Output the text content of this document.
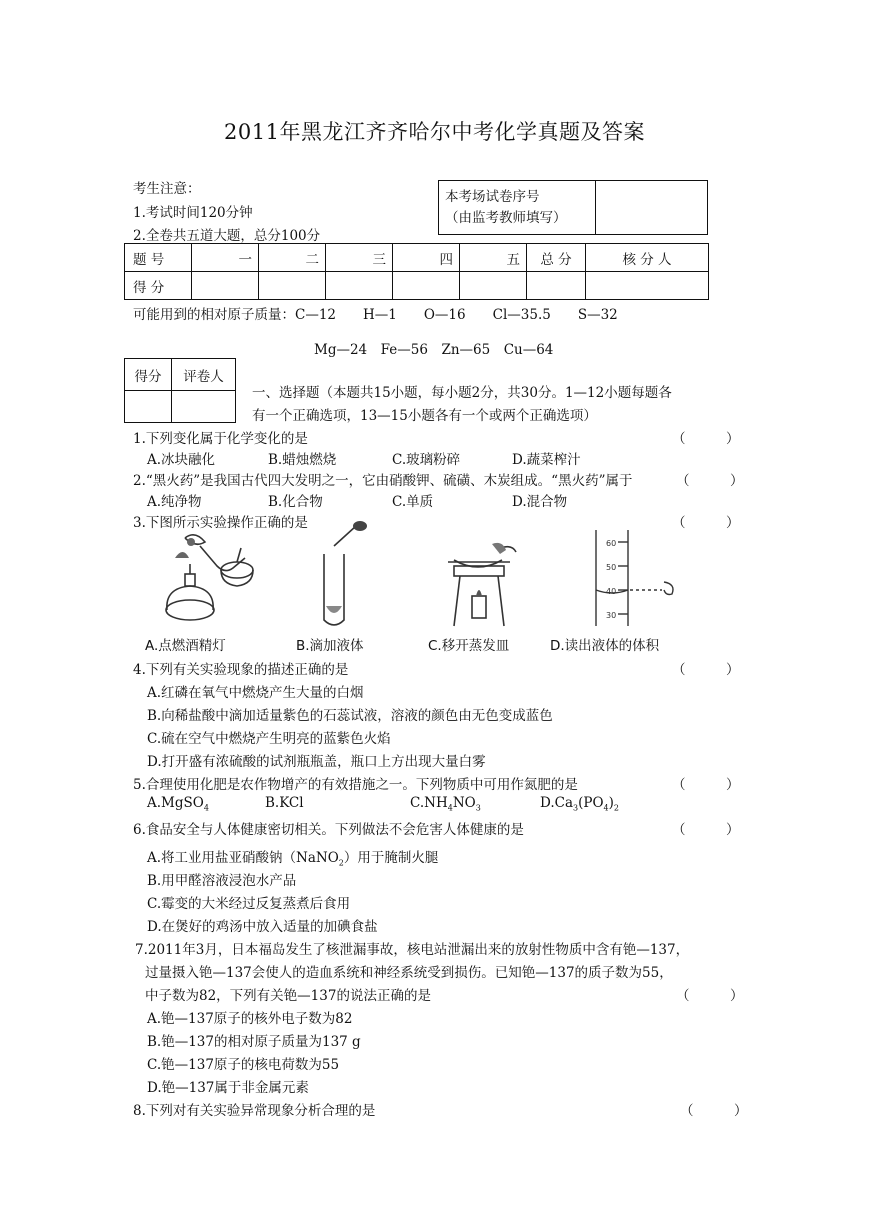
2011年黑龙江齐齐哈尔中考化学真题及答案
考生注意：
1.考试时间120分钟
2.全卷共五道大题，总分100分
本考场试卷序号
（由监考教师填写）

题 号	一	二	三	四	五	总 分	核 分 人
得 分							
可能用到的相对原子质量：C—12　　H—1　　O—16　　Cl—35.5　　S—32
Mg—24　Fe—56　Zn—65　Cu—64
得分	评卷人

一、选择题（本题共15小题，每小题2分，共30分。1—12小题每题各
有一个正确选项，13—15小题各有一个或两个正确选项）
1.下列变化属于化学变化的是	（　　　）
A.冰块融化	B.蜡烛燃烧	C.玻璃粉碎	D.蔬菜榨汁
2.“黑火药”是我国古代四大发明之一，它由硝酸钾、硫磺、木炭组成。“黑火药”属于	（　　　）
A.纯净物	B.化合物	C.单质	D.混合物
3.下图所示实验操作正确的是	（　　　）
A.点燃酒精灯	B.滴加液体	C.移开蒸发皿
60
50
40
30
D.读出液体的体积
4.下列有关实验现象的描述正确的是	（　　　）
A.红磷在氧气中燃烧产生大量的白烟
B.向稀盐酸中滴加适量紫色的石蕊试液，溶液的颜色由无色变成蓝色
C.硫在空气中燃烧产生明亮的蓝紫色火焰
D.打开盛有浓硫酸的试剂瓶瓶盖，瓶口上方出现大量白雾
5.合理使用化肥是农作物增产的有效措施之一。下列物质中可用作氮肥的是	（　　　）
A.MgSO$_4$	B.KCl	$C.NH_4NO_3$	$D.Ca_3(PO_4)_2$
6.食品安全与人体健康密切相关。下列做法不会危害人体健康的是	（　　　）
A.将工业用盐亚硝酸钠（NaNO$_2$）用于腌制火腿
B.用甲醛溶液浸泡水产品
C.霉变的大米经过反复蒸煮后食用
D.在煲好的鸡汤中放入适量的加碘食盐
7.2011年3月，日本福岛发生了核泄漏事故，核电站泄漏出来的放射性物质中含有铯—137，
过量摄入铯—137会使人的造血系统和神经系统受到损伤。已知铯—137的质子数为55，
中子数为82，下列有关铯—137的说法正确的是	（　　　）
A.铯—137原子的核外电子数为82
B.铯—137的相对原子质量为137 g
C.铯—137原子的核电荷数为55
D.铯—137属于非金属元素
8.下列对有关实验异常现象分析合理的是	（　　　）
